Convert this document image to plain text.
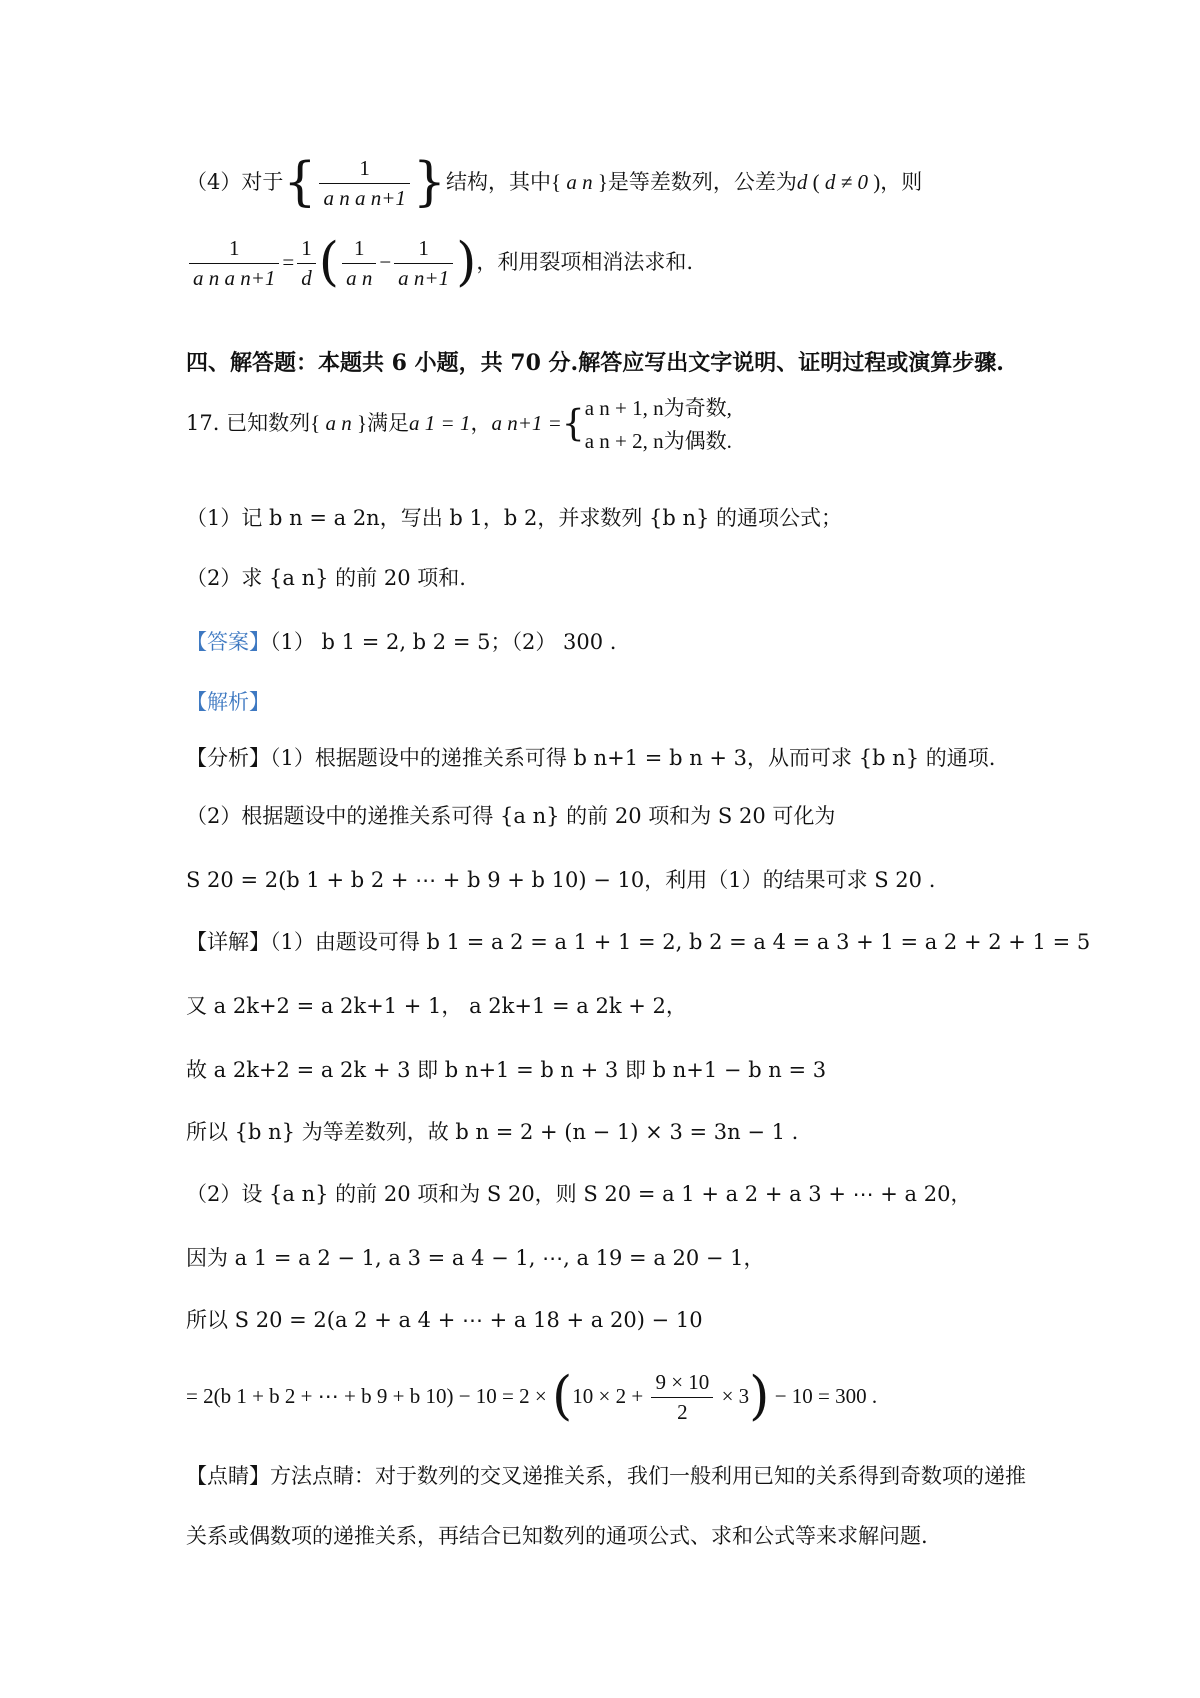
（4）对于{ $\frac{1}{\text{a n a n+1}}$ }结构，其中{ a n }是等差数列，公差为d ( d ≠ 0 )，则
$\frac{1}{\text{a n a n+1}} = \frac{1}{d}$ ( $\frac{1}{\text{a n}} - \frac{1}{\text{a n+1}}$ )，利用裂项相消法求和.
四、解答题：本题共 6 小题，共 70 分.解答应写出文字说明、证明过程或演算步骤.
17. 已知数列{ a n }满足a 1 = 1，a n+1 ={ a n + 1, n为奇数,
a n + 2, n为偶数.
（1）记 b n = a 2n，写出 b 1，b 2，并求数列 {b n} 的通项公式；
（2）求 {a n} 的前 20 项和.
【答案】（1） b 1 = 2, b 2 = 5；（2） 300 .
【解析】
【分析】（1）根据题设中的递推关系可得 b n+1 = b n + 3，从而可求 {b n} 的通项.
（2）根据题设中的递推关系可得 {a n} 的前 20 项和为 S 20 可化为
S 20 = 2(b 1 + b 2 + ⋯ + b 9 + b 10) − 10，利用（1）的结果可求 S 20 .
【详解】（1）由题设可得 b 1 = a 2 = a 1 + 1 = 2, b 2 = a 4 = a 3 + 1 = a 2 + 2 + 1 = 5
又 a 2k+2 = a 2k+1 + 1， a 2k+1 = a 2k + 2，
故 a 2k+2 = a 2k + 3 即 b n+1 = b n + 3 即 b n+1 − b n = 3
所以 {b n} 为等差数列，故 b n = 2 + (n − 1) × 3 = 3n − 1 .
（2）设 {a n} 的前 20 项和为 S 20，则 S 20 = a 1 + a 2 + a 3 + ⋯ + a 20，
因为 a 1 = a 2 − 1, a 3 = a 4 − 1, ⋯, a 19 = a 20 − 1，
所以 S 20 = 2(a 2 + a 4 + ⋯ + a 18 + a 20) − 10
= 2(b 1 + b 2 + ⋯ + b 9 + b $10) - 10 = 2 \times (10 \times 2 + \frac{9 \times 10}{2} \times 3) - 10 = 300$ .
【点睛】方法点睛：对于数列的交叉递推关系，我们一般利用已知的关系得到奇数项的递推
关系或偶数项的递推关系，再结合已知数列的通项公式、求和公式等来求解问题.
